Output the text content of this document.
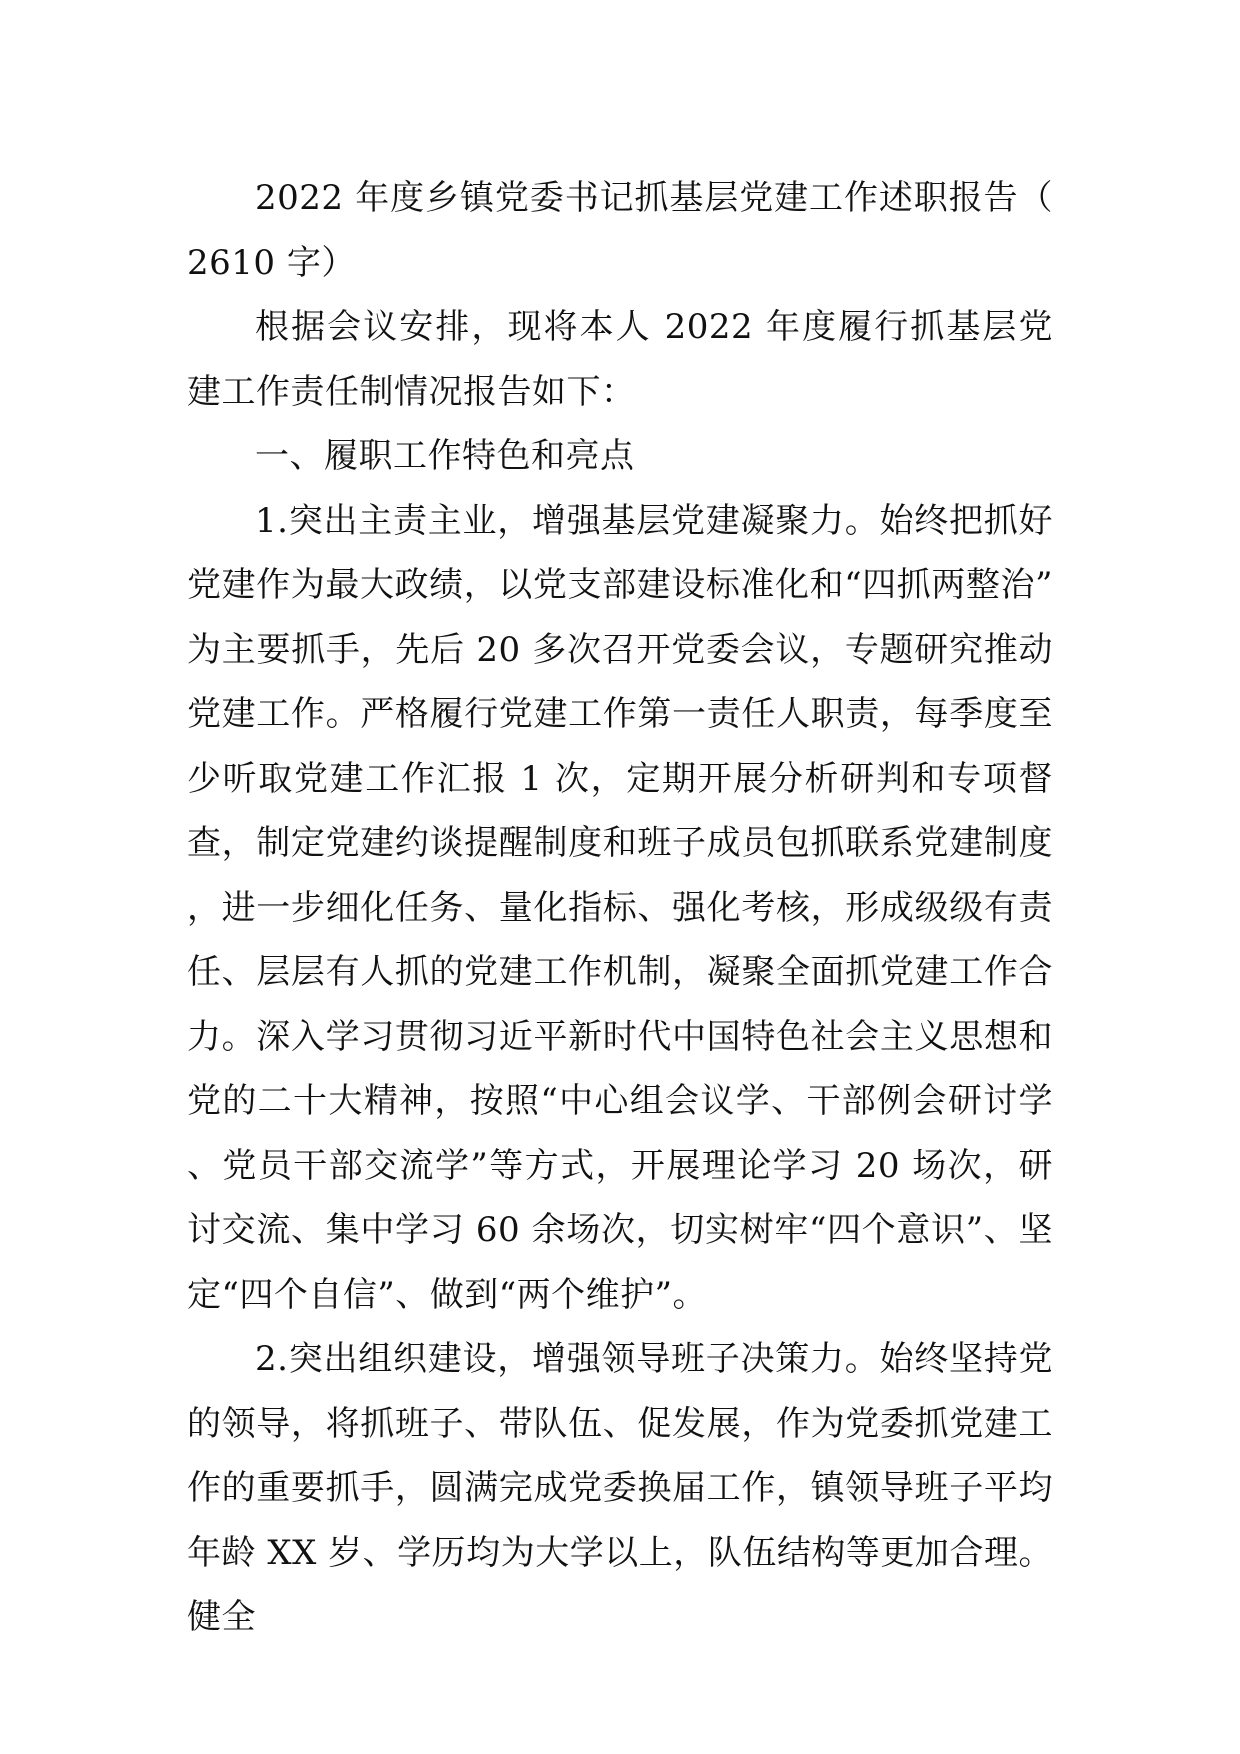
2022 年度乡镇党委书记抓基层党建工作述职报告（2610 字）

根据会议安排，现将本人 2022 年度履行抓基层党建工作责任制情况报告如下：

一、履职工作特色和亮点

1.突出主责主业，增强基层党建凝聚力。始终把抓好党建作为最大政绩，以党支部建设标准化和“四抓两整治”为主要抓手，先后 20 多次召开党委会议，专题研究推动党建工作。严格履行党建工作第一责任人职责，每季度至少听取党建工作汇报 1 次，定期开展分析研判和专项督查，制定党建约谈提醒制度和班子成员包抓联系党建制度，进一步细化任务、量化指标、强化考核，形成级级有责任、层层有人抓的党建工作机制，凝聚全面抓党建工作合力。深入学习贯彻习近平新时代中国特色社会主义思想和党的二十大精神，按照“中心组会议学、干部例会研讨学、党员干部交流学”等方式，开展理论学习 20 场次，研讨交流、集中学习 60 余场次，切实树牢“四个意识”、坚定“四个自信”、做到“两个维护”。

2.突出组织建设，增强领导班子决策力。始终坚持党的领导，将抓班子、带队伍、促发展，作为党委抓党建工作的重要抓手，圆满完成党委换届工作，镇领导班子平均年龄 XX 岁、学历均为大学以上，队伍结构等更加合理。健全
